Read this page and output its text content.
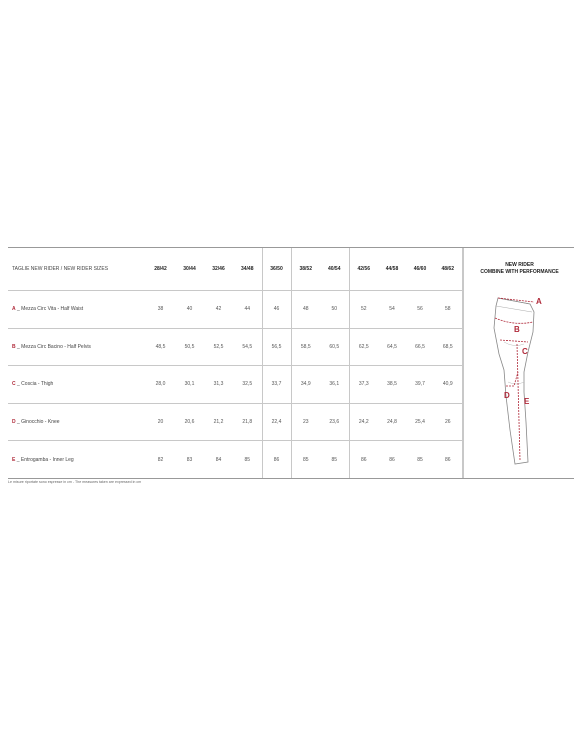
TAGLIE NEW RIDER / NEW RIDER SIZES	28/42	30/44	32/46	34/48	36/50	38/52	40/54	42/56	44/58	46/60	48/62
A _ Mezza Circ Vita - Half Waist	38	40	42	44	46	48	50	52	54	56	58
B _ Mezza Circ Bacino - Half Pelvis	48,5	50,5	52,5	54,5	56,5	58,5	60,5	62,5	64,5	66,5	68,5
C _ Coscia - Thigh	28,0	30,1	31,3	32,5	33,7	34,9	36,1	37,3	38,5	39,7	40,9
D _ Ginocchio - Knee	20	20,6	21,2	21,8	22,4	23	23,6	24,2	24,8	25,4	26
E _ Entrogamba - Inner Leg	82	83	84	85	86	85	85	86	86	85	86
NEW RIDER
COMBINE WITH PERFORMANCE
A
B
C
D
E
Le misure riportate sono espresse in cm - The measures taken are expressed in cm
